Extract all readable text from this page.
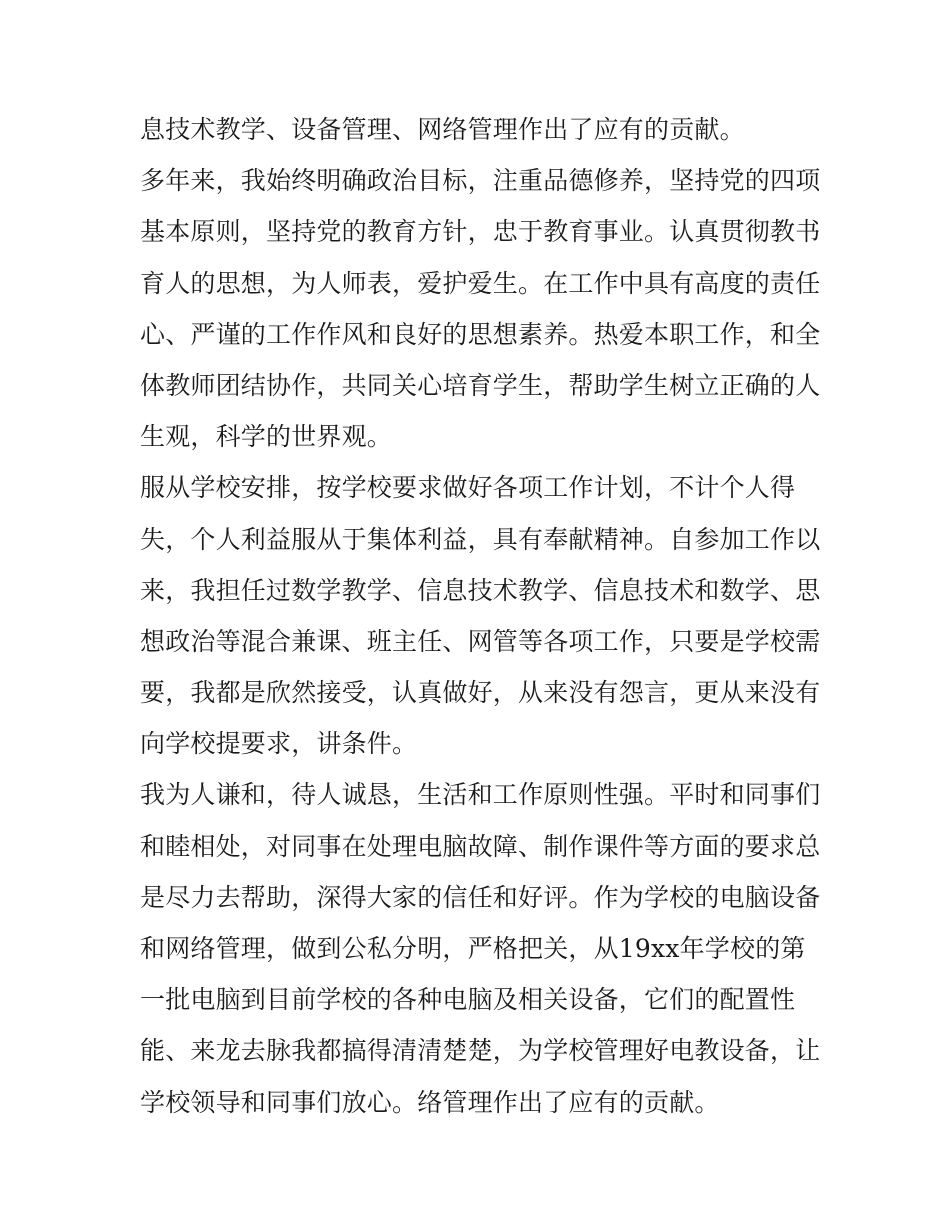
息技术教学、设备管理、网络管理作出了应有的贡献。
多年来，我始终明确政治目标，注重品德修养，坚持党的四项
基本原则，坚持党的教育方针，忠于教育事业。认真贯彻教书
育人的思想，为人师表，爱护爱生。在工作中具有高度的责任
心、严谨的工作作风和良好的思想素养。热爱本职工作，和全
体教师团结协作，共同关心培育学生，帮助学生树立正确的人
生观，科学的世界观。
服从学校安排，按学校要求做好各项工作计划，不计个人得
失，个人利益服从于集体利益，具有奉献精神。自参加工作以
来，我担任过数学教学、信息技术教学、信息技术和数学、思
想政治等混合兼课、班主任、网管等各项工作，只要是学校需
要，我都是欣然接受，认真做好，从来没有怨言，更从来没有
向学校提要求，讲条件。
我为人谦和，待人诚恳，生活和工作原则性强。平时和同事们
和睦相处，对同事在处理电脑故障、制作课件等方面的要求总
是尽力去帮助，深得大家的信任和好评。作为学校的电脑设备
和网络管理，做到公私分明，严格把关，从19xx年学校的第
一批电脑到目前学校的各种电脑及相关设备，它们的配置性
能、来龙去脉我都搞得清清楚楚，为学校管理好电教设备，让
学校领导和同事们放心。络管理作出了应有的贡献。
